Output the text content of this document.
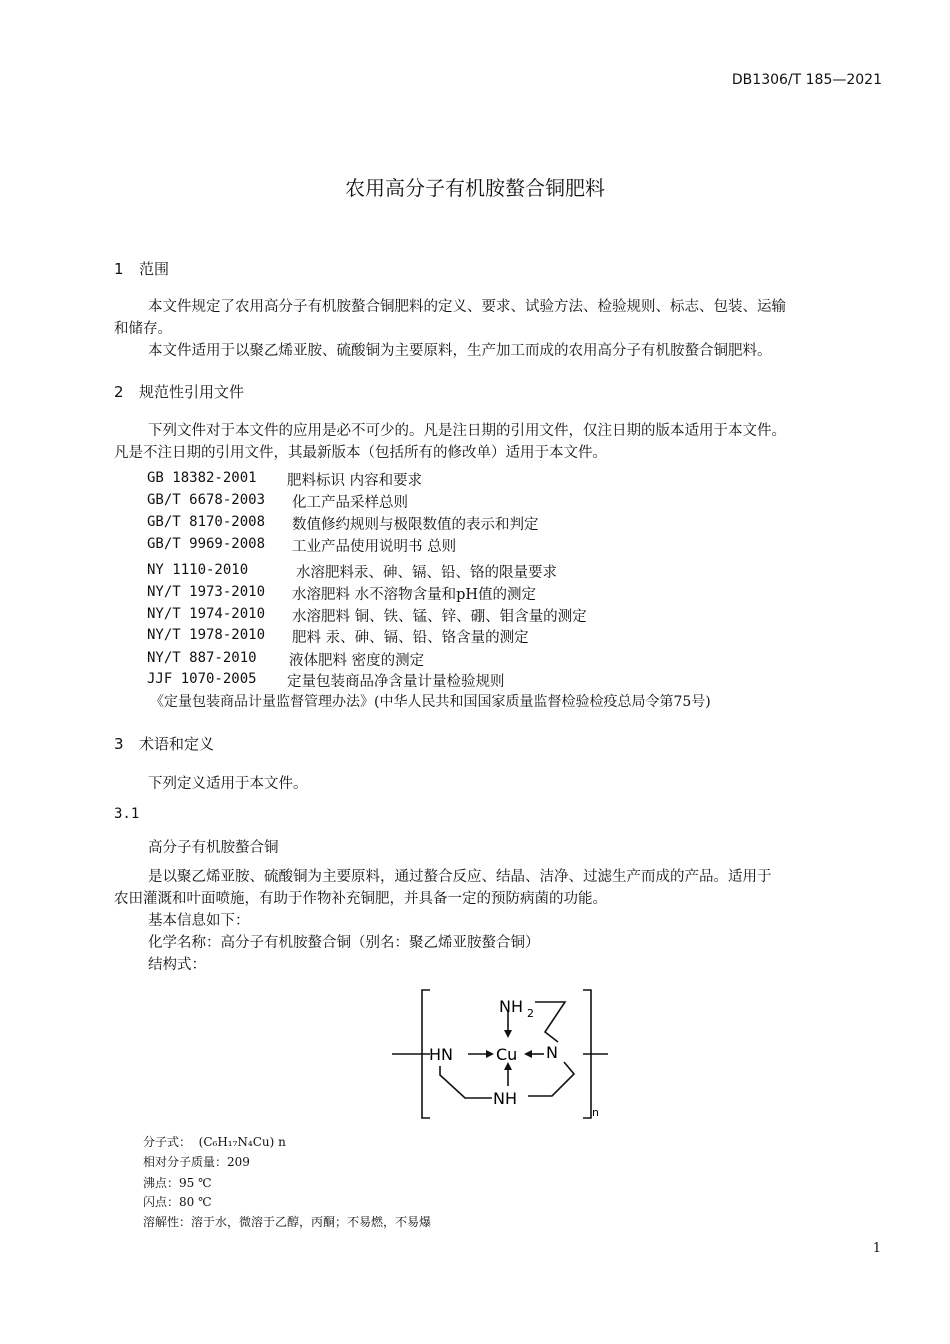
DB1306/T 185—2021
农用高分子有机胺螯合铜肥料
1 范围
本文件规定了农用高分子有机胺螯合铜肥料的定义、要求、试验方法、检验规则、标志、包装、运输
和储存。
本文件适用于以聚乙烯亚胺、硫酸铜为主要原料，生产加工而成的农用高分子有机胺螯合铜肥料。
2 规范性引用文件
下列文件对于本文件的应用是必不可少的。凡是注日期的引用文件，仅注日期的版本适用于本文件。
凡是不注日期的引用文件，其最新版本（包括所有的修改单）适用于本文件。
GB 18382-2001 肥料标识 内容和要求
GB/T 6678-2003 化工产品采样总则
GB/T 8170-2008 数值修约规则与极限数值的表示和判定
GB/T 9969-2008 工业产品使用说明书 总则
NY 1110-2010	水溶肥料汞、砷、镉、铅、铬的限量要求
NY/T 1973-2010 水溶肥料 水不溶物含量和pH值的测定
NY/T 1974-2010 水溶肥料 铜、铁、锰、锌、硼、钼含量的测定
NY/T 1978-2010 肥料 汞、砷、镉、铅、铬含量的测定
NY/T 887-2010 液体肥料 密度的测定
JJF 1070-2005 定量包装商品净含量计量检验规则
《定量包装商品计量监督管理办法》(中华人民共和国国家质量监督检验检疫总局令第75号)
3 术语和定义
下列定义适用于本文件。
3.1
高分子有机胺螯合铜
是以聚乙烯亚胺、硫酸铜为主要原料，通过螯合反应、结晶、洁净、过滤生产而成的产品。适用于
农田灌溉和叶面喷施，有助于作物补充铜肥，并具备一定的预防病菌的功能。
基本信息如下：
化学名称：高分子有机胺螯合铜（别名：聚乙烯亚胺螯合铜）
结构式：
NH 2
Cu
HN	N
NH
n
分子式： (C₆H₁₇N₄Cu) n
相对分子质量：209
沸点：95 ℃
闪点：80 ℃
溶解性：溶于水，微溶于乙醇，丙酮；不易燃，不易爆
1
